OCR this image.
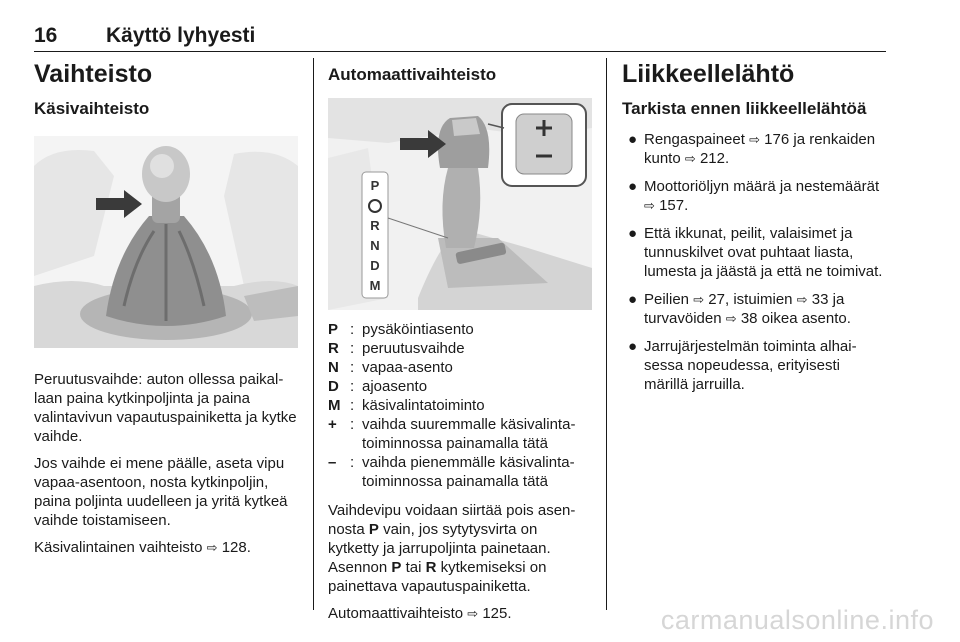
16 Käyttö lyhyesti
Vaihteisto
Käsivaihteisto

Peruutusvaihde: auton ollessa paikallaan paina kytkinpoljinta ja paina valintavivun vapautuspainiketta ja kytke vaihde.

Jos vaihde ei mene päälle, aseta vipu vapaa-asentoon, nosta kytkinpoljin, paina poljinta uudelleen ja yritä kytkeä vaihde toistamiseen.

Käsivalintainen vaihteisto ⇨ 128.

Automaattivaihteisto
P
R
N
D
M
P : pysäköintiasento
R : peruutusvaihde
N : vapaa-asento
D : ajoasento
M : käsivalintatoiminto
+ : vaihda suuremmalle käsivalintatoiminnossa painamalla tätä
– : vaihda pienemmälle käsivalintatoiminnossa painamalla tätä

Vaihdevipu voidaan siirtää pois asennosta P vain, jos sytytysvirta on kytketty ja jarrupoljinta painetaan. Asennon P tai R kytkemiseksi on painettava vapautuspainiketta.

Automaattivaihteisto ⇨ 125.

Liikkeellelähtö
Tarkista ennen liikkeellelähtöä
● Rengaspaineet ⇨ 176 ja renkaiden kunto ⇨ 212.
● Moottoriöljyn määrä ja nestemäärät ⇨ 157.
● Että ikkunat, peilit, valaisimet ja tunnuskilvet ovat puhtaat liasta, lumesta ja jäästä ja että ne toimivat.
● Peilien ⇨ 27, istuimien ⇨ 33 ja turvavöiden ⇨ 38 oikea asento.
● Jarrujärjestelmän toiminta alhaisessa nopeudessa, erityisesti märillä jarruilla.
carmanualsonline.info
